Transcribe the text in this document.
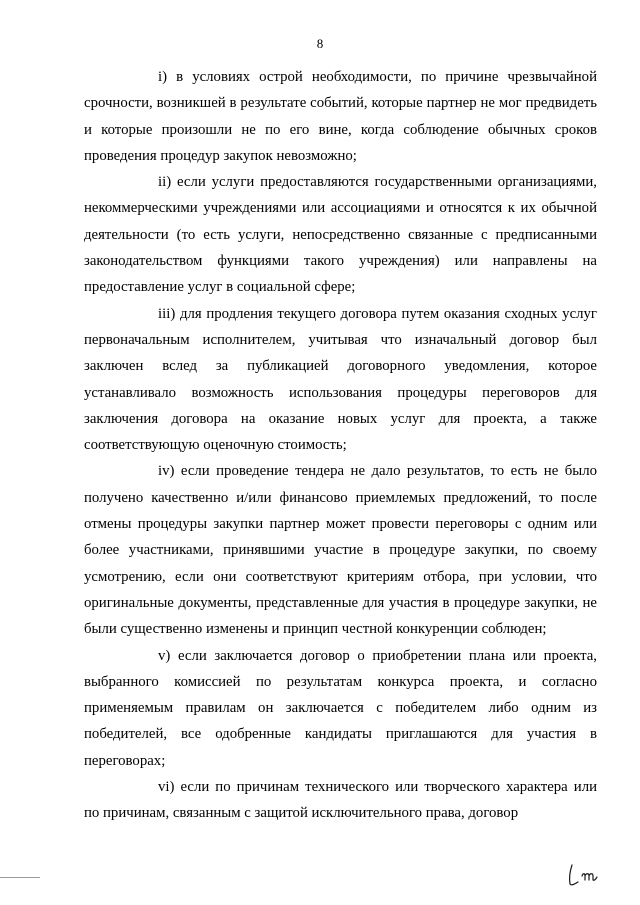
8

i) в условиях острой необходимости, по причине чрезвычайной срочности, возникшей в результате событий, которые партнер не мог предвидеть и которые произошли не по его вине, когда соблюдение обычных сроков проведения процедур закупок невозможно;

ii) если услуги предоставляются государственными организациями, некоммерческими учреждениями или ассоциациями и относятся к их обычной деятельности (то есть услуги, непосредственно связанные с предписанными законодательством функциями такого учреждения) или направлены на предоставление услуг в социальной сфере;

iii) для продления текущего договора путем оказания сходных услуг первоначальным исполнителем, учитывая что изначальный договор был заключен вслед за публикацией договорного уведомления, которое устанавливало возможность использования процедуры переговоров для заключения договора на оказание новых услуг для проекта, а также соответствующую оценочную стоимость;

iv) если проведение тендера не дало результатов, то есть не было получено качественно и/или финансово приемлемых предложений, то после отмены процедуры закупки партнер может провести переговоры с одним или более участниками, принявшими участие в процедуре закупки, по своему усмотрению, если они соответствуют критериям отбора, при условии, что оригинальные документы, представленные для участия в процедуре закупки, не были существенно изменены и принцип честной конкуренции соблюден;

v) если заключается договор о приобретении плана или проекта, выбранного комиссией по результатам конкурса проекта, и согласно применяемым правилам он заключается с победителем либо одним из победителей, все одобренные кандидаты приглашаются для участия в переговорах;

vi) если по причинам технического или творческого характера или по причинам, связанным с защитой исключительного права, договор
